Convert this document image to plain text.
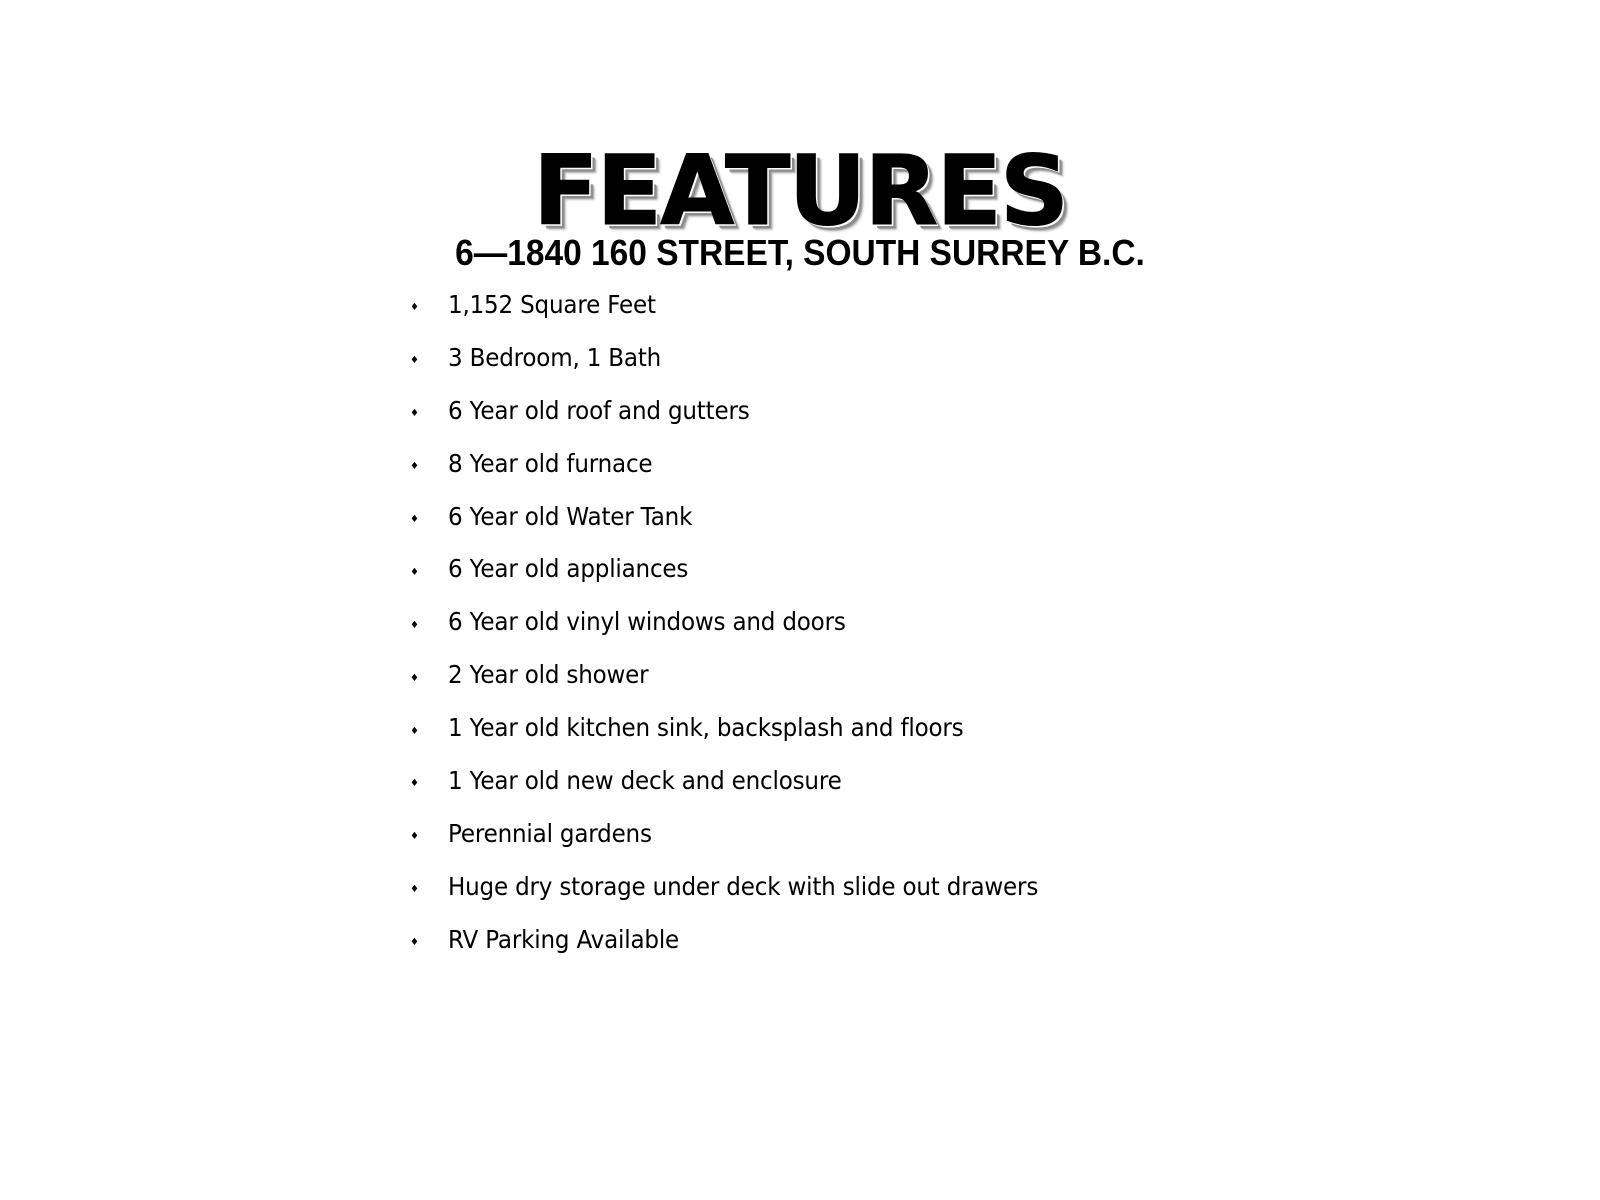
FEATURES
6—1840 160 STREET, SOUTH SURREY B.C.
♦	1,152 Square Feet
♦	3 Bedroom, 1 Bath
♦	6 Year old roof and gutters
♦	8 Year old furnace
♦	6 Year old Water Tank
♦	6 Year old appliances
♦	6 Year old vinyl windows and doors
♦	2 Year old shower
♦	1 Year old kitchen sink, backsplash and floors
♦	1 Year old new deck and enclosure
♦	Perennial gardens
♦	Huge dry storage under deck with slide out drawers
♦	RV Parking Available
